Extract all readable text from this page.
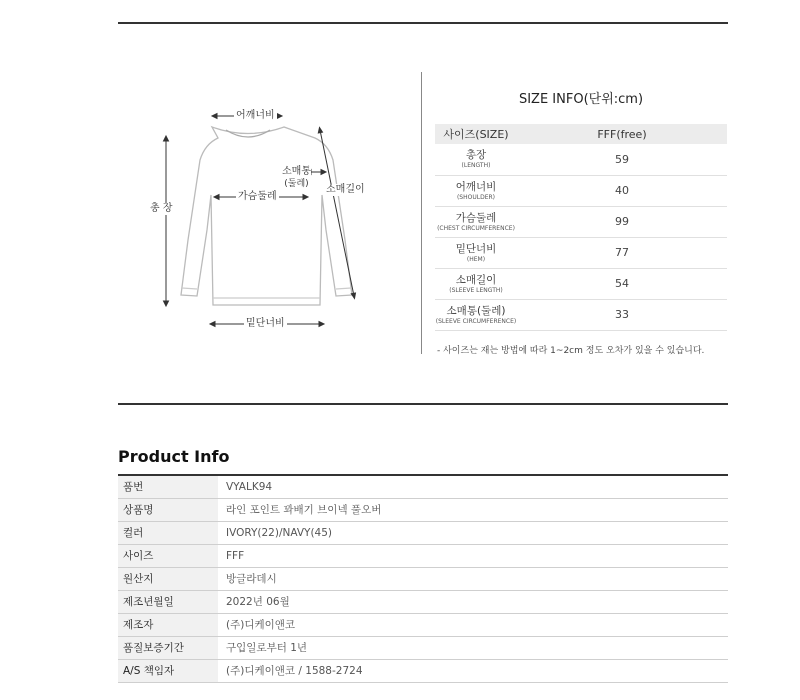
어깨너비
총 장
가슴둘레
소매통
(둘레) 소매길이
밑단너비
SIZE INFO(단위:cm)
사이즈(SIZE)	FFF(free)
총장
(LENGTH)	59
어깨너비
(SHOULDER)	40
가슴둘레
(CHEST CIRCUMFERENCE)	99
밑단너비
(HEM)	77
소매길이
(SLEEVE LENGTH)	54
소매통(둘레)
(SLEEVE CIRCUMFERENCE)	33
- 사이즈는 재는 방법에 따라 1~2cm 정도 오차가 있을 수 있습니다.
Product Info
품번	VYALK94
상품명	라인 포인트 꽈배기 브이넥 풀오버
컬러	IVORY(22)/NAVY(45)
사이즈	FFF
원산지	방글라데시
제조년월일	2022년 06월
제조자	(주)디케이앤코
품질보증기간	구입일로부터 1년
A/S 책임자	(주)디케이앤코 / 1588-2724
